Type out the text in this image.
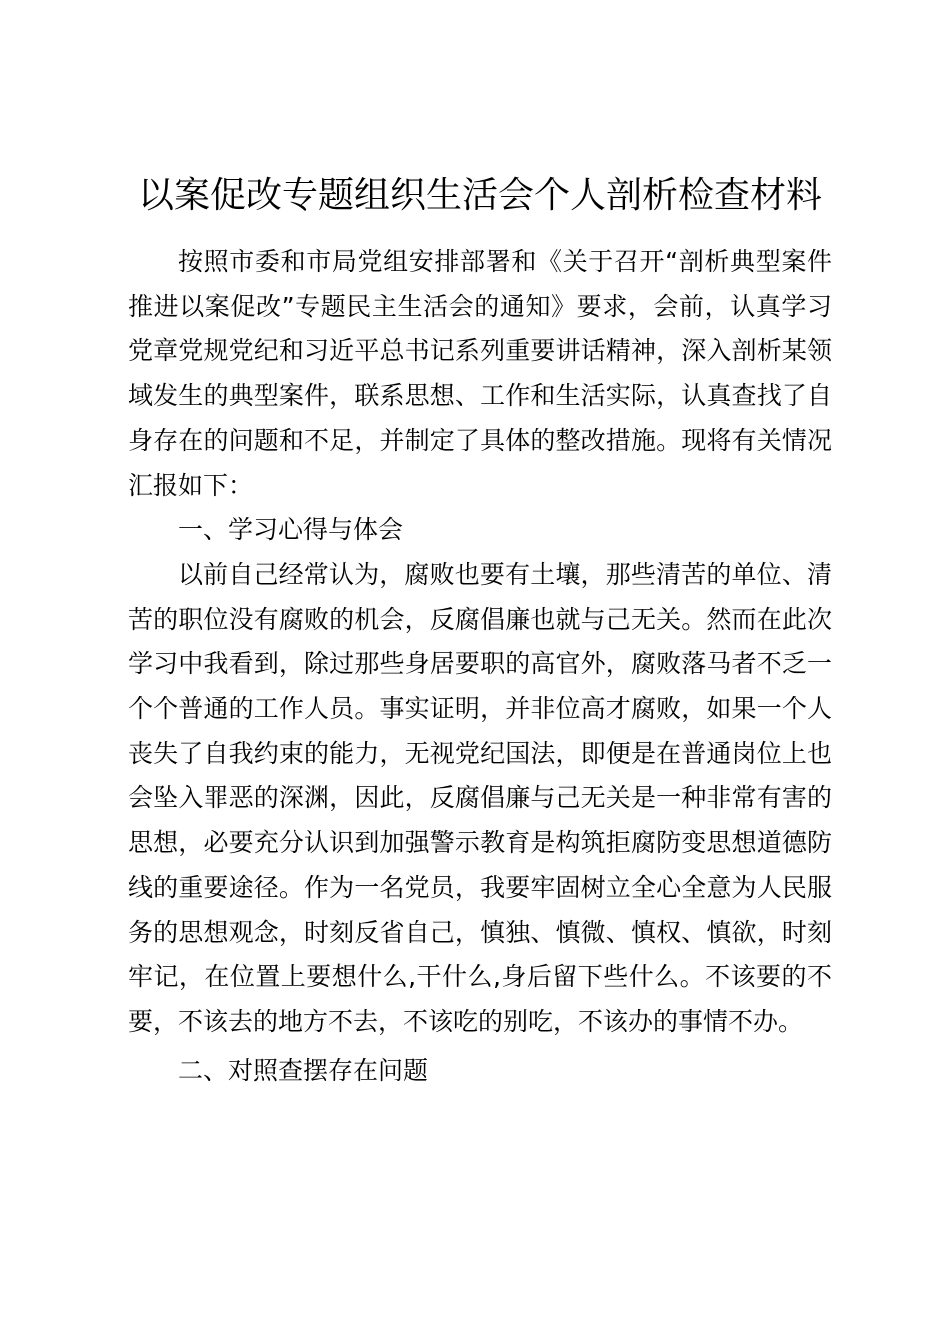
以案促改专题组织生活会个人剖析检查材料

按照市委和市局党组安排部署和《关于召开“剖析典型案件推进以案促改”专题民主生活会的通知》要求，会前，认真学习党章党规党纪和习近平总书记系列重要讲话精神，深入剖析某领域发生的典型案件，联系思想、工作和生活实际，认真查找了自身存在的问题和不足，并制定了具体的整改措施。现将有关情况汇报如下：

一、学习心得与体会

以前自己经常认为，腐败也要有土壤，那些清苦的单位、清苦的职位没有腐败的机会，反腐倡廉也就与己无关。然而在此次学习中我看到，除过那些身居要职的高官外，腐败落马者不乏一个个普通的工作人员。事实证明，并非位高才腐败，如果一个人丧失了自我约束的能力，无视党纪国法，即便是在普通岗位上也会坠入罪恶的深渊，因此，反腐倡廉与己无关是一种非常有害的思想，必要充分认识到加强警示教育是构筑拒腐防变思想道德防线的重要途径。作为一名党员，我要牢固树立全心全意为人民服务的思想观念，时刻反省自己，慎独、慎微、慎权、慎欲，时刻牢记，在位置上要想什么,干什么,身后留下些什么。不该要的不要，不该去的地方不去，不该吃的别吃，不该办的事情不办。

二、对照查摆存在问题
